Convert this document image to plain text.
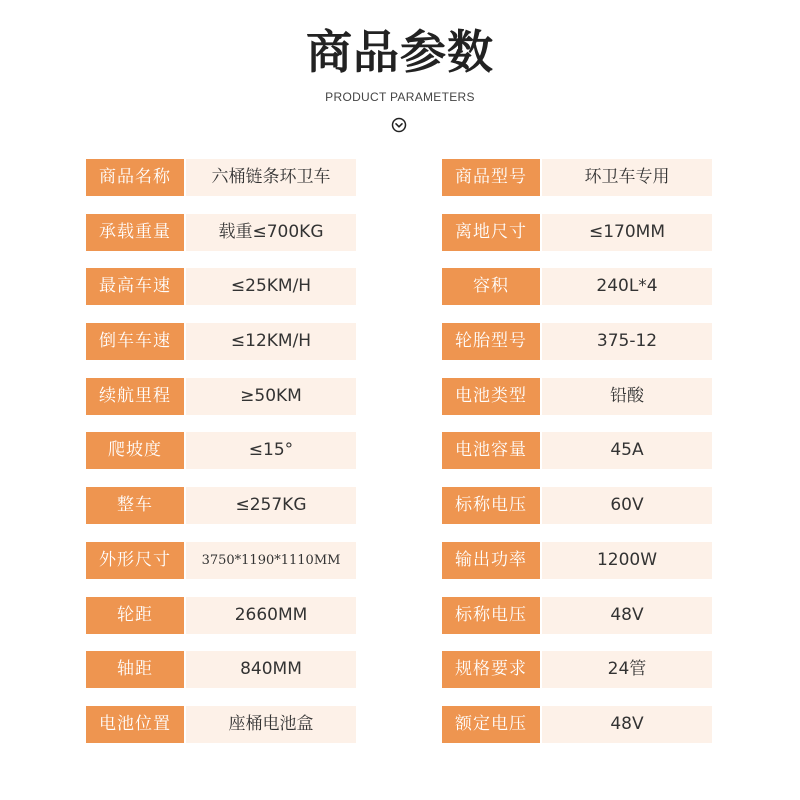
商品参数
PRODUCT PARAMETERS
商品名称	六桶链条环卫车
承载重量	载重≤700KG
最高车速	≤25KM/H
倒车车速	≤12KM/H
续航里程	≥50KM
爬坡度	≤15°
整车	≤257KG
外形尺寸	3750*1190*1110MM
轮距	2660MM
轴距	840MM
电池位置	座桶电池盒
商品型号	环卫车专用
离地尺寸	≤170MM
容积	240L*4
轮胎型号	375-12
电池类型	铅酸
电池容量	45A
标称电压	60V
输出功率	1200W
标称电压	48V
规格要求	24管
额定电压	48V
